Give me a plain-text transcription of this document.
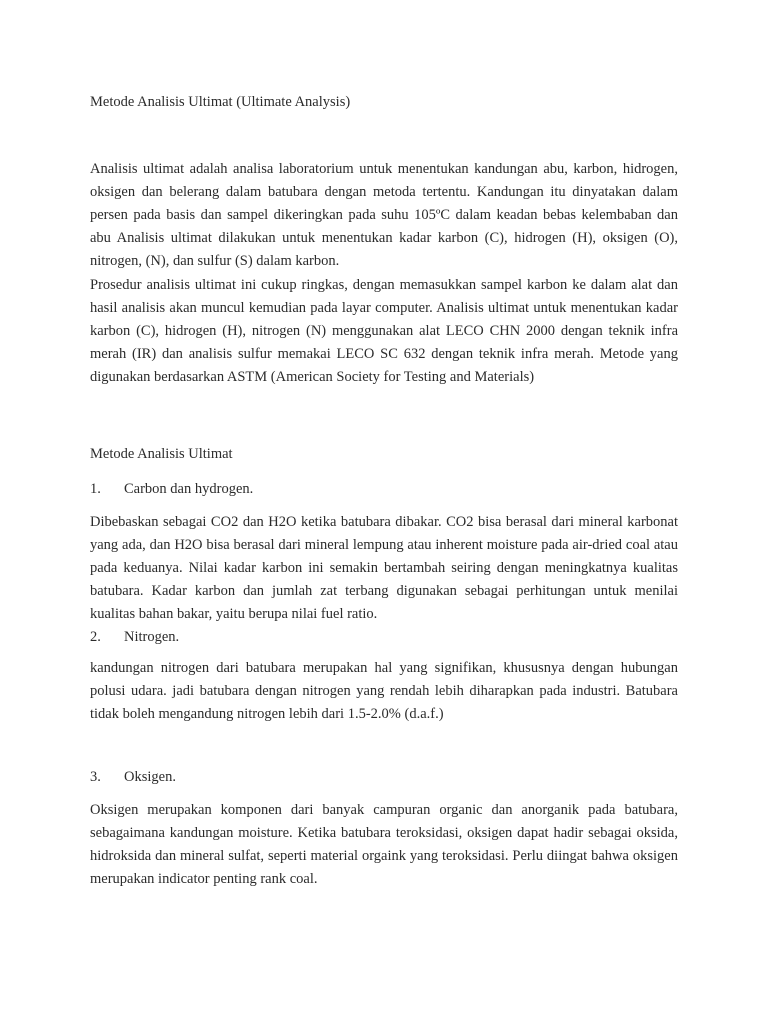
Metode Analisis Ultimat (Ultimate Analysis)

Analisis ultimat adalah analisa laboratorium untuk menentukan kandungan abu, karbon, hidrogen, oksigen dan belerang dalam batubara dengan metoda tertentu. Kandungan itu dinyatakan dalam persen pada basis dan sampel dikeringkan pada suhu 105ºC dalam keadan bebas kelembaban dan abu Analisis ultimat dilakukan untuk menentukan kadar karbon (C), hidrogen (H), oksigen (O), nitrogen, (N), dan sulfur (S) dalam karbon.

Prosedur analisis ultimat ini cukup ringkas, dengan memasukkan sampel karbon ke dalam alat dan hasil analisis akan muncul kemudian pada layar computer. Analisis ultimat untuk menentukan kadar karbon (C), hidrogen (H), nitrogen (N) menggunakan alat LECO CHN 2000 dengan teknik infra merah (IR) dan analisis sulfur memakai LECO SC 632 dengan teknik infra merah. Metode yang digunakan berdasarkan ASTM (American Society for Testing and Materials)

Metode Analisis Ultimat
1. Carbon dan hydrogen.

Dibebaskan sebagai CO2 dan H2O ketika batubara dibakar. CO2 bisa berasal dari mineral karbonat yang ada, dan H2O bisa berasal dari mineral lempung atau inherent moisture pada air-dried coal atau pada keduanya. Nilai kadar karbon ini semakin bertambah seiring dengan meningkatnya kualitas batubara. Kadar karbon dan jumlah zat terbang digunakan sebagai perhitungan untuk menilai kualitas bahan bakar, yaitu berupa nilai fuel ratio.

2. Nitrogen.

kandungan nitrogen dari batubara merupakan hal yang signifikan, khususnya dengan hubungan polusi udara. jadi batubara dengan nitrogen yang rendah lebih diharapkan pada industri. Batubara tidak boleh mengandung nitrogen lebih dari 1.5-2.0% (d.a.f.)

3. Oksigen.

Oksigen merupakan komponen dari banyak campuran organic dan anorganik pada batubara, sebagaimana kandungan moisture. Ketika batubara teroksidasi, oksigen dapat hadir sebagai oksida, hidroksida dan mineral sulfat, seperti material orgaink yang teroksidasi. Perlu diingat bahwa oksigen merupakan indicator penting rank coal.
